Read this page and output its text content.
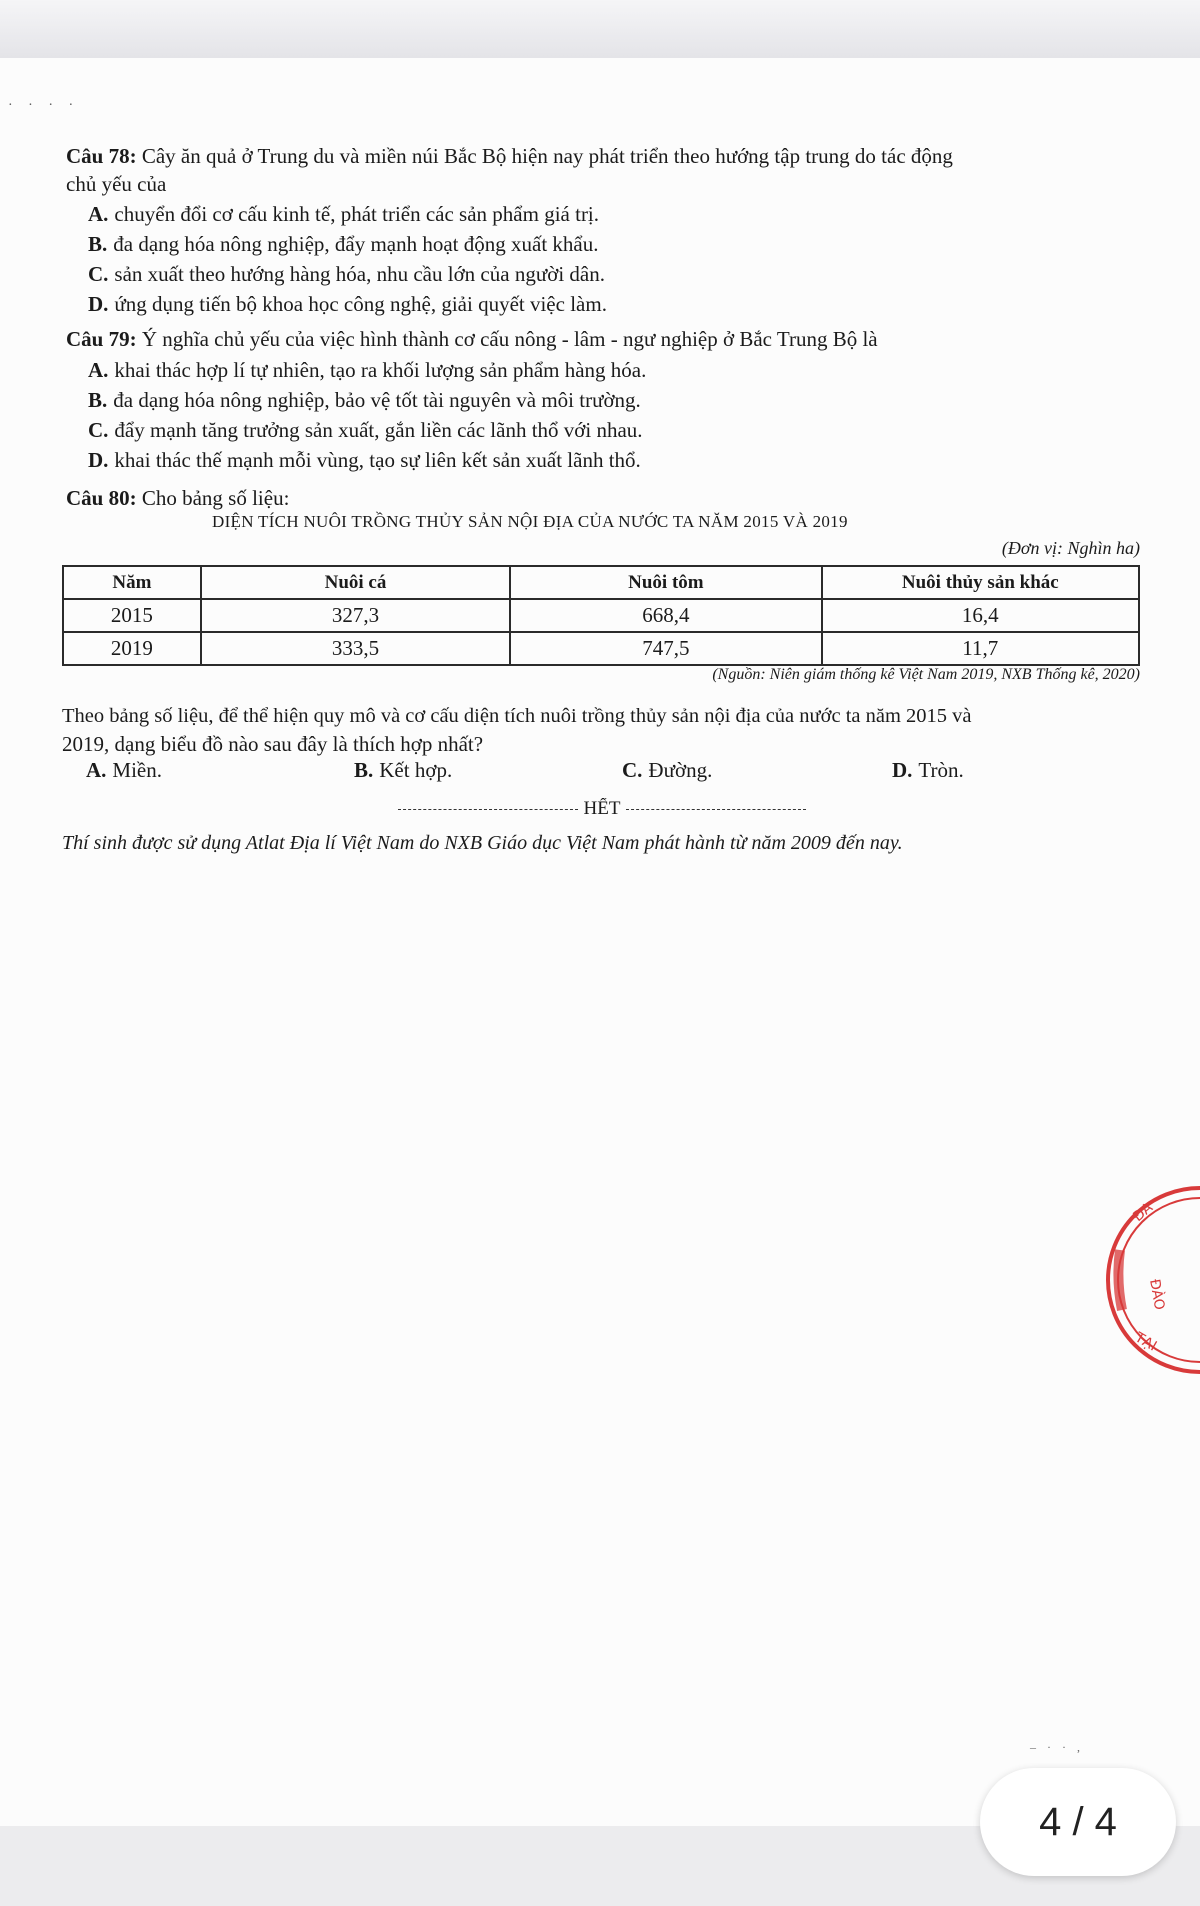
· · · ·
Câu 78: Cây ăn quả ở Trung du và miền núi Bắc Bộ hiện nay phát triển theo hướng tập trung do tác động
chủ yếu của
A. chuyển đổi cơ cấu kinh tế, phát triển các sản phẩm giá trị.
B. đa dạng hóa nông nghiệp, đẩy mạnh hoạt động xuất khẩu.
C. sản xuất theo hướng hàng hóa, nhu cầu lớn của người dân.
D. ứng dụng tiến bộ khoa học công nghệ, giải quyết việc làm.
Câu 79: Ý nghĩa chủ yếu của việc hình thành cơ cấu nông - lâm - ngư nghiệp ở Bắc Trung Bộ là
A. khai thác hợp lí tự nhiên, tạo ra khối lượng sản phẩm hàng hóa.
B. đa dạng hóa nông nghiệp, bảo vệ tốt tài nguyên và môi trường.
C. đẩy mạnh tăng trưởng sản xuất, gắn liền các lãnh thổ với nhau.
D. khai thác thế mạnh mỗi vùng, tạo sự liên kết sản xuất lãnh thổ.
Câu 80: Cho bảng số liệu:
DIỆN TÍCH NUÔI TRỒNG THỦY SẢN NỘI ĐỊA CỦA NƯỚC TA NĂM 2015 VÀ 2019
(Đơn vị: Nghìn ha)
Năm	Nuôi cá	Nuôi tôm	Nuôi thủy sản khác
2015	327,3	668,4	16,4
2019	333,5	747,5	11,7
(Nguồn: Niên giám thống kê Việt Nam 2019, NXB Thống kê, 2020)
Theo bảng số liệu, để thể hiện quy mô và cơ cấu diện tích nuôi trồng thủy sản nội địa của nước ta năm 2015 và
2019, dạng biểu đồ nào sau đây là thích hợp nhất?
A. Miền.	B. Kết hợp.	C. Đường.	D. Tròn.
HẾT
Thí sinh được sử dụng Atlat Địa lí Việt Nam do NXB Giáo dục Việt Nam phát hành từ năm 2009 đến nay.
ĐA
ĐÀO
TẠI
– · · ,
4 / 4
